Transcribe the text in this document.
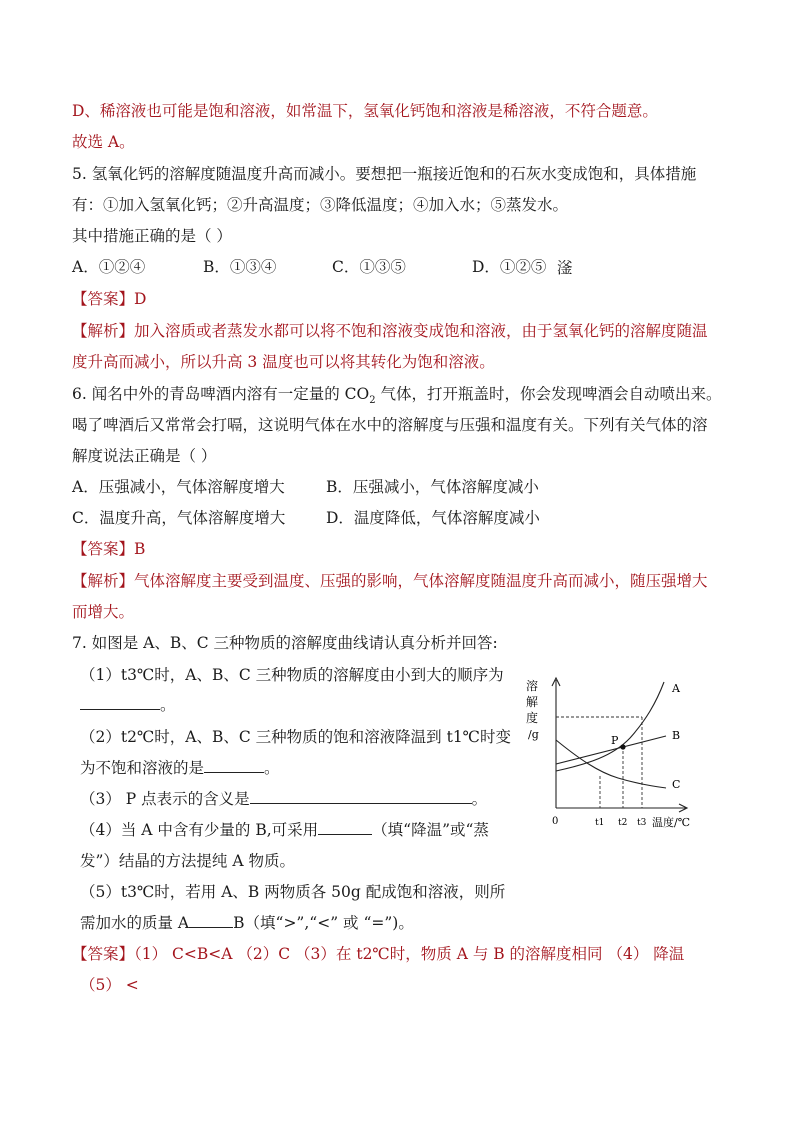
D、稀溶液也可能是饱和溶液，如常温下，氢氧化钙饱和溶液是稀溶液，不符合题意。
故选 A。
5. 氢氧化钙的溶解度随温度升高而减小。要想把一瓶接近饱和的石灰水变成饱和，具体措施
有：①加入氢氧化钙；②升高温度；③降低温度；④加入水；⑤蒸发水。
其中措施正确的是（ ）
A．①②④	B．①③④	C．①③⑤	D．①②⑤ 滏
【答案】D
【解析】加入溶质或者蒸发水都可以将不饱和溶液变成饱和溶液，由于氢氧化钙的溶解度随温
度升高而减小，所以升高 3 温度也可以将其转化为饱和溶液。
6. 闻名中外的青岛啤酒内溶有一定量的 $CO_2$ 气体，打开瓶盖时，你会发现啤酒会自动喷出来。
喝了啤酒后又常常会打嗝，这说明气体在水中的溶解度与压强和温度有关。下列有关气体的溶
解度说法正确是（ ）
A．压强减小，气体溶解度增大	B．压强减小，气体溶解度减小
C．温度升高，气体溶解度增大	D．温度降低，气体溶解度减小
【答案】B
【解析】气体溶解度主要受到温度、压强的影响，气体溶解度随温度升高而减小，随压强增大
而增大。
7. 如图是 A、B、C 三种物质的溶解度曲线请认真分析并回答:
（1）t3℃时，A、B、C 三种物质的溶解度由小到大的顺序为
。
（2）t2℃时，A、B、C 三种物质的饱和溶液降温到 t1℃时变
为不饱和溶液的是	。
（3） P 点表示的含义是	。
（4）当 A 中含有少量的 B,可采用	（填“降温”或“蒸
发”）结晶的方法提纯 A 物质。
（5）t3℃时，若用 A、B 两物质各 50g 配成饱和溶液，则所
需加水的质量 A	B（填“>”,“<” 或 “=”)。
【答案】（1） C<B<A （2）C （3）在 t2℃时，物质 A 与 B 的溶解度相同 （4） 降温
（5） <
P
A
B
C
溶
解
度
/g
0	t1 t2 t3 温度/℃
